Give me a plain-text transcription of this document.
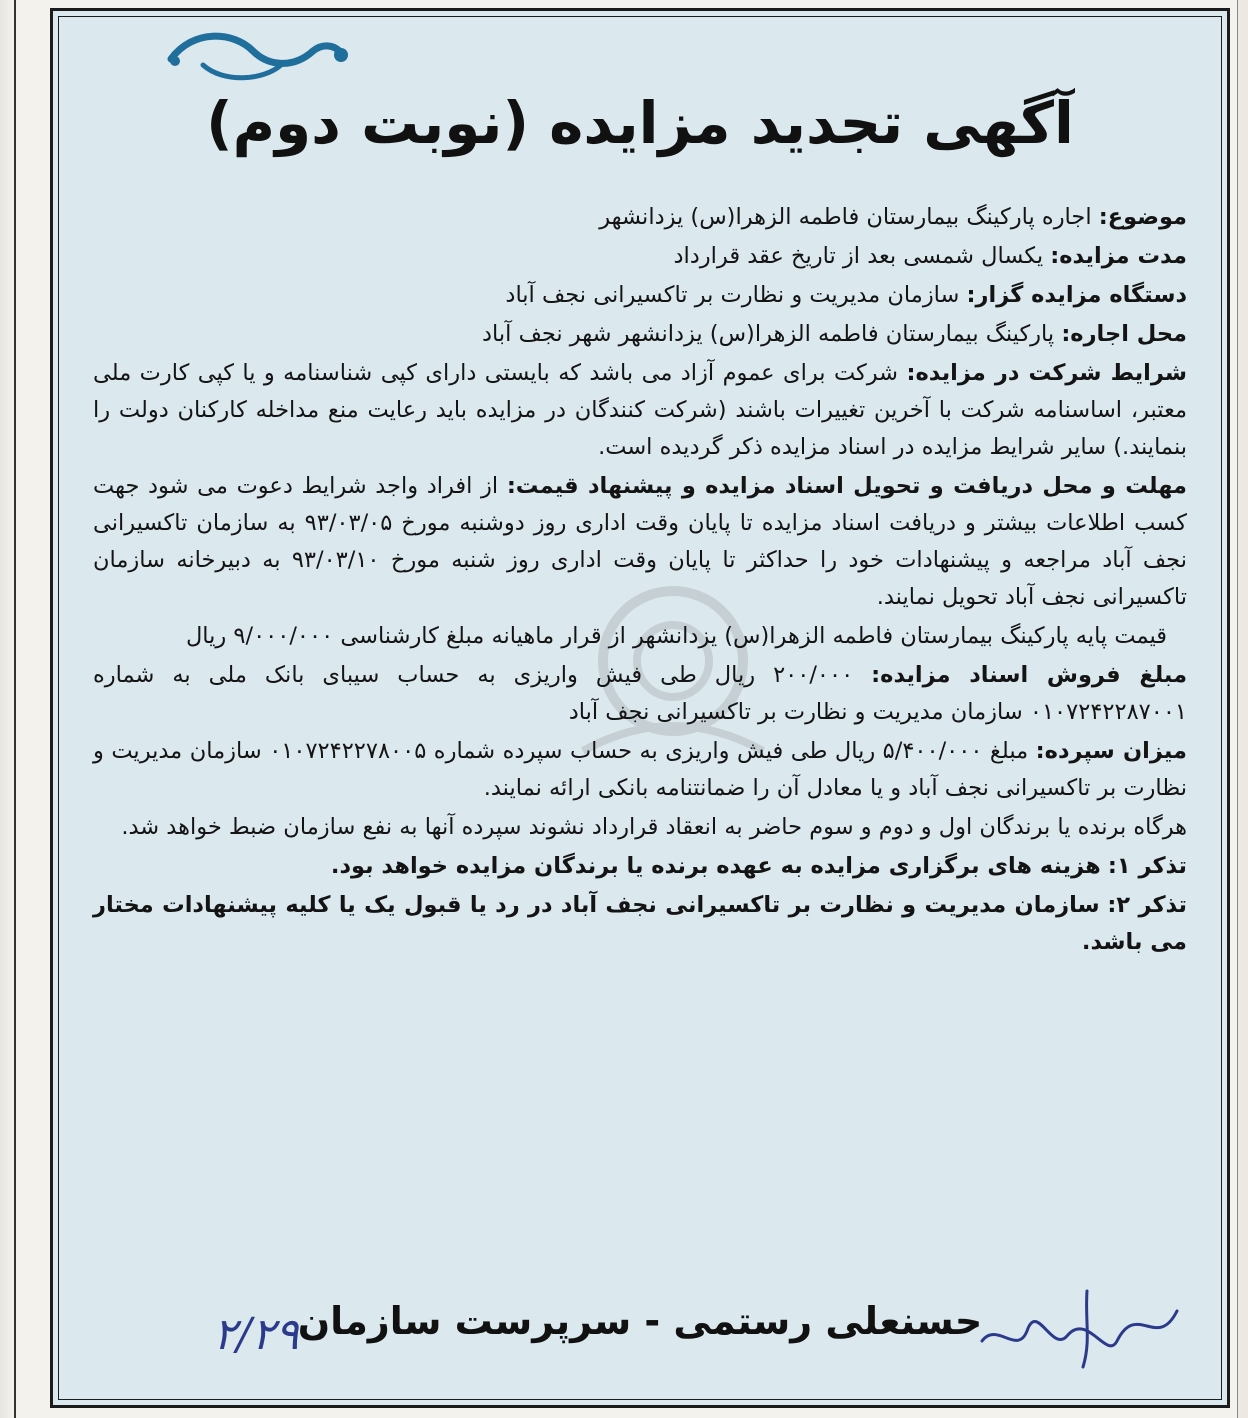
آگهی تجدید مزایده (نوبت دوم)

موضوع: اجاره پارکینگ بیمارستان فاطمه الزهرا(س) یزدانشهر

مدت مزایده: یکسال شمسی بعد از تاریخ عقد قرارداد

دستگاه مزایده گزار: سازمان مدیریت و نظارت بر تاکسیرانی نجف آباد

محل اجاره: پارکینگ بیمارستان فاطمه الزهرا(س) یزدانشهر شهر نجف آباد

شرایط شرکت در مزایده: شرکت برای عموم آزاد می باشد که بایستی دارای کپی شناسنامه و یا کپی کارت ملی معتبر، اساسنامه شرکت با آخرین تغییرات باشند (شرکت کنندگان در مزایده باید رعایت منع مداخله کارکنان دولت را بنمایند.) سایر شرایط مزایده در اسناد مزایده ذکر گردیده است.

مهلت و محل دریافت و تحویل اسناد مزایده و پیشنهاد قیمت: از افراد واجد شرایط دعوت می شود جهت کسب اطلاعات بیشتر و دریافت اسناد مزایده تا پایان وقت اداری روز دوشنبه مورخ ۹۳/۰۳/۰۵ به سازمان تاکسیرانی نجف آباد مراجعه و پیشنهادات خود را حداکثر تا پایان وقت اداری روز شنبه مورخ ۹۳/۰۳/۱۰ به دبیرخانه سازمان تاکسیرانی نجف آباد تحویل نمایند.

قیمت پایه پارکینگ بیمارستان فاطمه الزهرا(س) یزدانشهر از قرار ماهیانه مبلغ کارشناسی ۹/۰۰۰/۰۰۰ ریال

مبلغ فروش اسناد مزایده: ۲۰۰/۰۰۰ ریال طی فیش واریزی به حساب سیبای بانک ملی به شماره ۰۱۰۷۲۴۲۲۸۷۰۰۱ سازمان مدیریت و نظارت بر تاکسیرانی نجف آباد

میزان سپرده: مبلغ ۵/۴۰۰/۰۰۰ ریال طی فیش واریزی به حساب سپرده شماره ۰۱۰۷۲۴۲۲۷۸۰۰۵ سازمان مدیریت و نظارت بر تاکسیرانی نجف آباد و یا معادل آن را ضمانتنامه بانکی ارائه نمایند.

هرگاه برنده یا برندگان اول و دوم و سوم حاضر به انعقاد قرارداد نشوند سپرده آنها به نفع سازمان ضبط خواهد شد.

تذکر ۱: هزینه های برگزاری مزایده به عهده برنده یا برندگان مزایده خواهد بود.

تذکر ۲: سازمان مدیریت و نظارت بر تاکسیرانی نجف آباد در رد یا قبول یک یا کلیه پیشنهادات مختار می باشد.

۲/۲۹
حسنعلی رستمی - سرپرست سازمان
